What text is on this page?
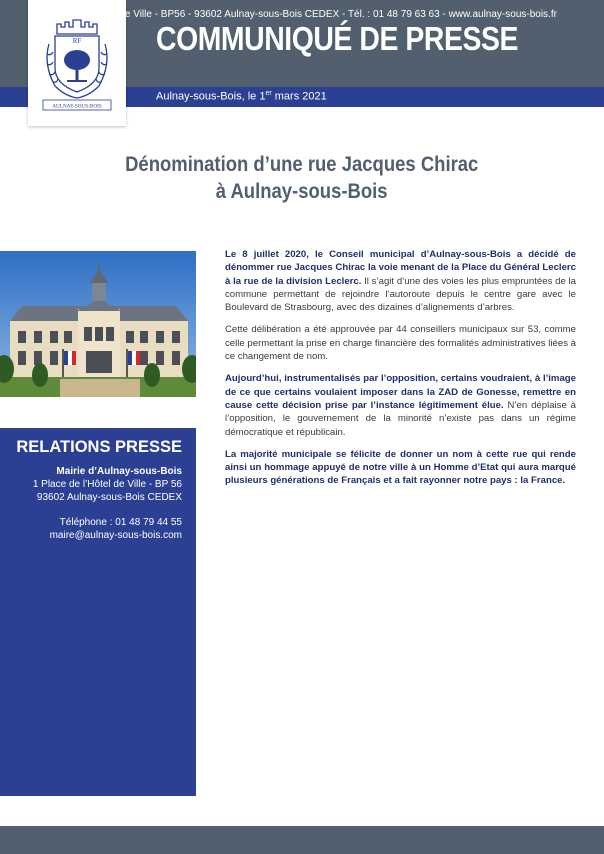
COMMUNIQUÉ DE PRESSE
Aulnay-sous-Bois, le 1er mars 2021
RF
AULNAY-SOUS-BOIS
Dénomination d’une rue Jacques Chirac
à Aulnay-sous-Bois
RELATIONS PRESSE
Mairie d’Aulnay-sous-Bois
1 Place de l’Hôtel de Ville - BP 56
93602 Aulnay-sous-Bois CEDEX
Téléphone : 01 48 79 44 55
maire@aulnay-sous-bois.com

Le 8 juillet 2020, le Conseil municipal d’Aulnay-sous-Bois a décidé de dénommer rue Jacques Chirac la voie menant de la Place du Général Leclerc à la rue de la division Leclerc. Il s’agit d’une des voies les plus empruntées de la commune permettant de rejoindre l’autoroute depuis le centre gare avec le Boulevard de Strasbourg, avec des dizaines d’alignements d’arbres.

Cette délibération a été approuvée par 44 conseillers municipaux sur 53, comme celle permettant la prise en charge financière des formalités administratives liées à ce changement de nom.

Aujourd’hui, instrumentalisés par l’opposition, certains voudraient, à l’image de ce que certains voulaient imposer dans la ZAD de Gonesse, remettre en cause cette décision prise par l’instance légitimement élue. N’en déplaise à l’opposition, le gouvernement de la minorité n’existe pas dans un régime démocratique et républicain.

La majorité municipale se félicite de donner un nom à cette rue qui rende ainsi un hommage appuyé de notre ville à un Homme d’Etat qui aura marqué plusieurs générations de Français et a fait rayonner notre pays : la France.

Place de l’Hôtel de Ville - BP56 - 93602 Aulnay-sous-Bois CEDEX - Tél. : 01 48 79 63 63 - www.aulnay-sous-bois.fr
